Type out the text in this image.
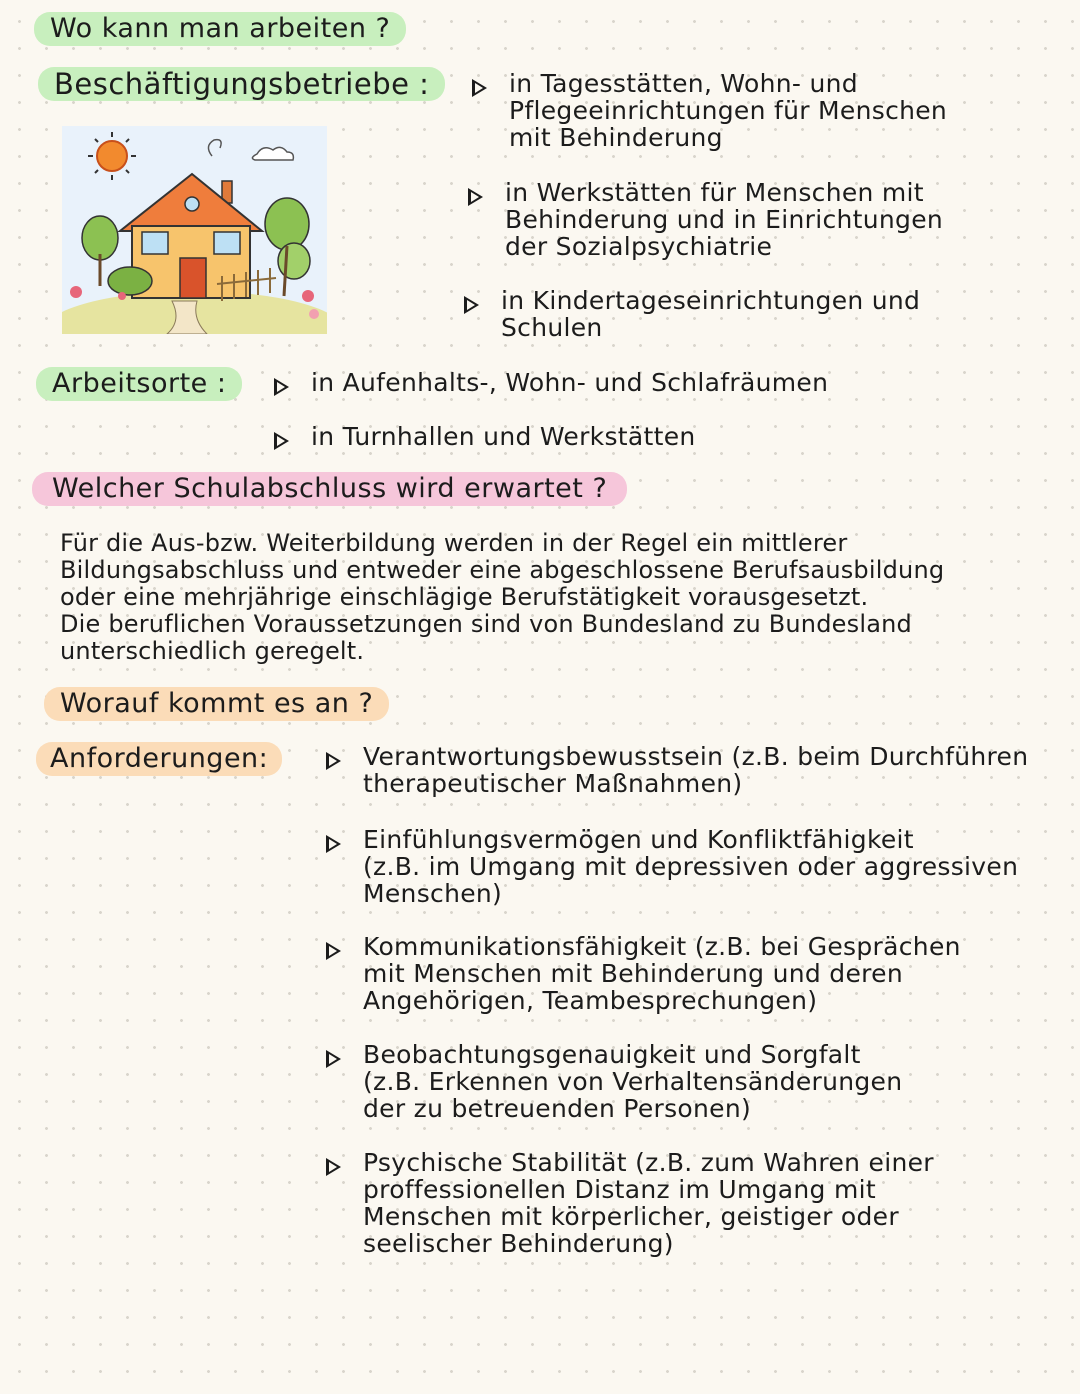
Wo kann man arbeiten ?
Beschäftigungsbetriebe :	in Tagesstätten, Wohn- und
Pflegeeinrichtungen für Menschen
mit Behinderung
in Werkstätten für Menschen mit
Behinderung und in Einrichtungen
der Sozialpsychiatrie
in Kindertageseinrichtungen und
Schulen
Arbeitsorte :	in Aufenhalts-, Wohn- und Schlafräumen
in Turnhallen und Werkstätten
Welcher Schulabschluss wird erwartet ?
Für die Aus-bzw. Weiterbildung werden in der Regel ein mittlerer
Bildungsabschluss und entweder eine abgeschlossene Berufsausbildung
oder eine mehrjährige einschlägige Berufstätigkeit vorausgesetzt.
Die beruflichen Voraussetzungen sind von Bundesland zu Bundesland
unterschiedlich geregelt.
Worauf kommt es an ?
Anforderungen:	Verantwortungsbewusstsein (z.B. beim Durchführen
therapeutischer Maßnahmen)
Einfühlungsvermögen und Konfliktfähigkeit
(z.B. im Umgang mit depressiven oder aggressiven
Menschen)
Kommunikationsfähigkeit (z.B. bei Gesprächen
mit Menschen mit Behinderung und deren
Angehörigen, Teambesprechungen)
Beobachtungsgenauigkeit und Sorgfalt
(z.B. Erkennen von Verhaltensänderungen
der zu betreuenden Personen)
Psychische Stabilität (z.B. zum Wahren einer
proffessionellen Distanz im Umgang mit
Menschen mit körperlicher, geistiger oder
seelischer Behinderung)
